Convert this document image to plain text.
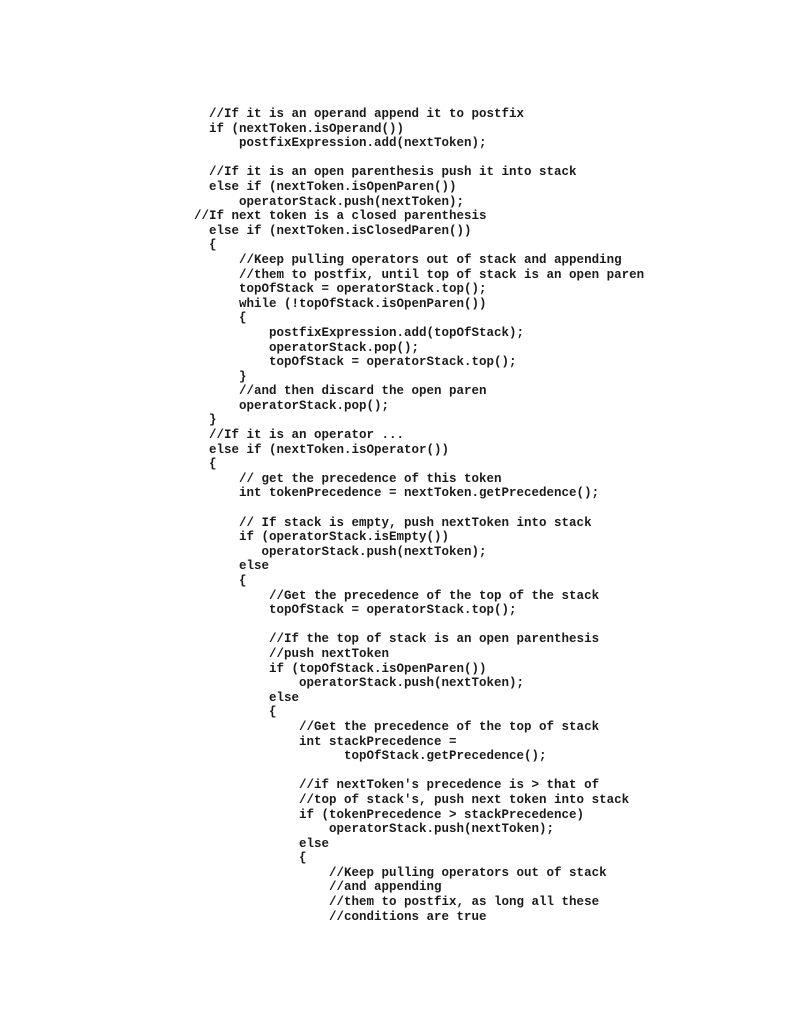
//If it is an operand append it to postfix
if (nextToken.isOperand())
postfixExpression.add(nextToken);
//If it is an open parenthesis push it into stack
else if (nextToken.isOpenParen())
operatorStack.push(nextToken);
//If next token is a closed parenthesis
else if (nextToken.isClosedParen())
{
//Keep pulling operators out of stack and appending
//them to postfix, until top of stack is an open paren
topOfStack = operatorStack.top();
while (!topOfStack.isOpenParen())
{
postfixExpression.add(topOfStack);
operatorStack.pop();
topOfStack = operatorStack.top();
}
//and then discard the open paren
operatorStack.pop();
}
//If it is an operator ...
else if (nextToken.isOperator())
{
// get the precedence of this token
int tokenPrecedence = nextToken.getPrecedence();
// If stack is empty, push nextToken into stack
if (operatorStack.isEmpty())
operatorStack.push(nextToken);
else
{
//Get the precedence of the top of the stack
topOfStack = operatorStack.top();
//If the top of stack is an open parenthesis
//push nextToken
if (topOfStack.isOpenParen())
operatorStack.push(nextToken);
else
{
//Get the precedence of the top of stack
int stackPrecedence =
topOfStack.getPrecedence();
//if nextToken's precedence is > that of
//top of stack's, push next token into stack
if (tokenPrecedence > stackPrecedence)
operatorStack.push(nextToken);
else
{
//Keep pulling operators out of stack
//and appending
//them to postfix, as long all these
//conditions are true
